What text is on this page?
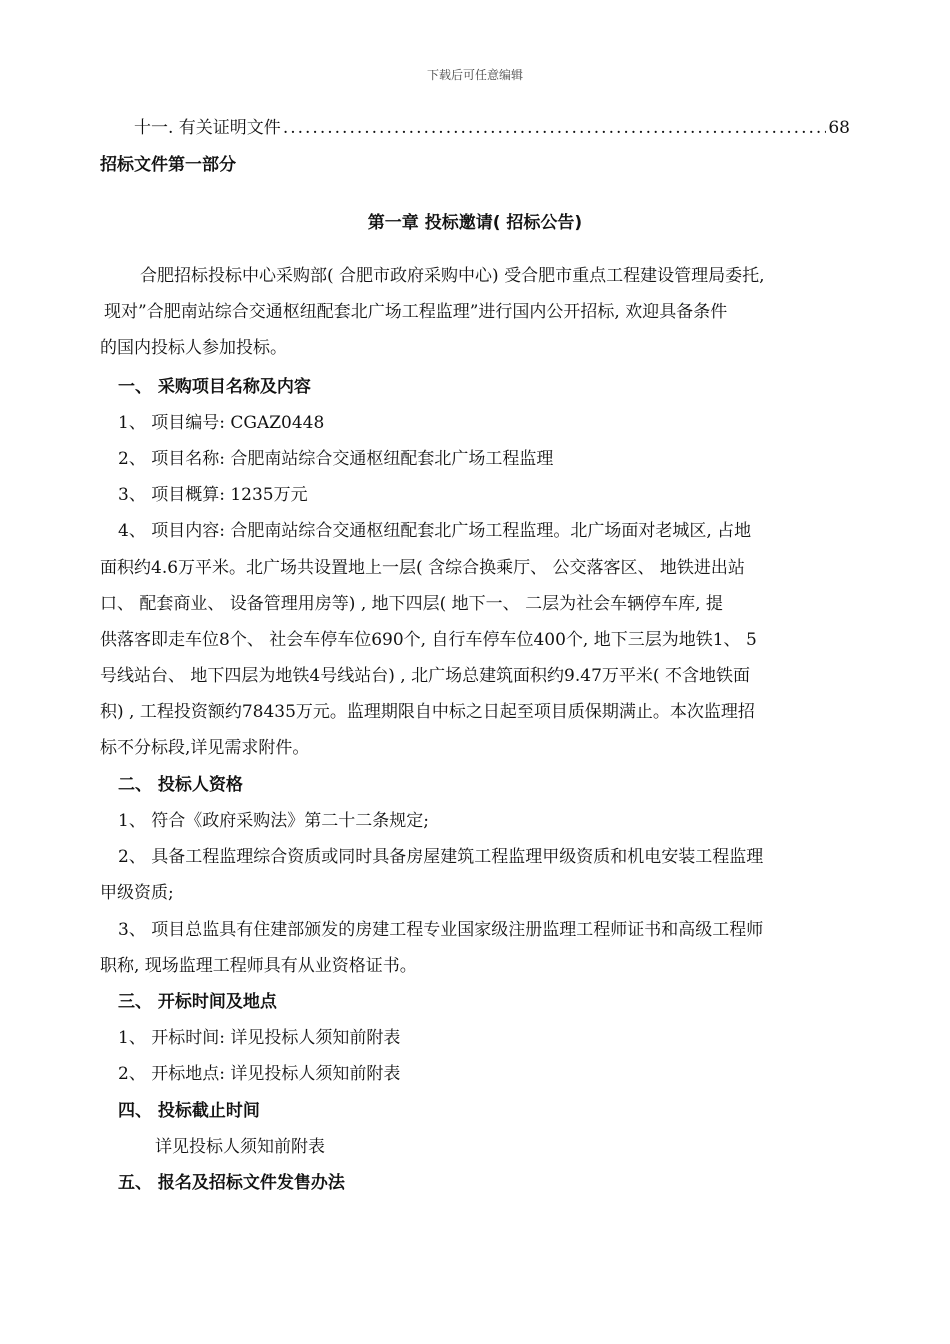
下载后可任意编辑
十一. 有关证明文件
.....	68
招标文件第一部分
第一章 投标邀请( 招标公告)
合肥招标投标中心采购部( 合肥市政府采购中心) 受合肥市重点工程建设管理局委托,
现对”合肥南站综合交通枢纽配套北广场工程监理”进行国内公开招标, 欢迎具备条件
的国内投标人参加投标。
一、 采购项目名称及内容
1、 项目编号: CGAZ0448
2、 项目名称: 合肥南站综合交通枢纽配套北广场工程监理
3、 项目概算: 1235万元
4、 项目内容: 合肥南站综合交通枢纽配套北广场工程监理。北广场面对老城区, 占地
面积约4.6万平米。北广场共设置地上一层( 含综合换乘厅、 公交落客区、 地铁进出站
口、 配套商业、 设备管理用房等) , 地下四层( 地下一、 二层为社会车辆停车库, 提
供落客即走车位8个、 社会车停车位690个, 自行车停车位400个, 地下三层为地铁1、 5
号线站台、 地下四层为地铁4号线站台) , 北广场总建筑面积约9.47万平米( 不含地铁面
积) , 工程投资额约78435万元。监理期限自中标之日起至项目质保期满止。本次监理招
标不分标段,详见需求附件。
二、 投标人资格
1、 符合《政府采购法》第二十二条规定;
2、 具备工程监理综合资质或同时具备房屋建筑工程监理甲级资质和机电安装工程监理
甲级资质;
3、 项目总监具有住建部颁发的房建工程专业国家级注册监理工程师证书和高级工程师
职称, 现场监理工程师具有从业资格证书。
三、 开标时间及地点
1、 开标时间: 详见投标人须知前附表
2、 开标地点: 详见投标人须知前附表
四、 投标截止时间
详见投标人须知前附表
五、 报名及招标文件发售办法
